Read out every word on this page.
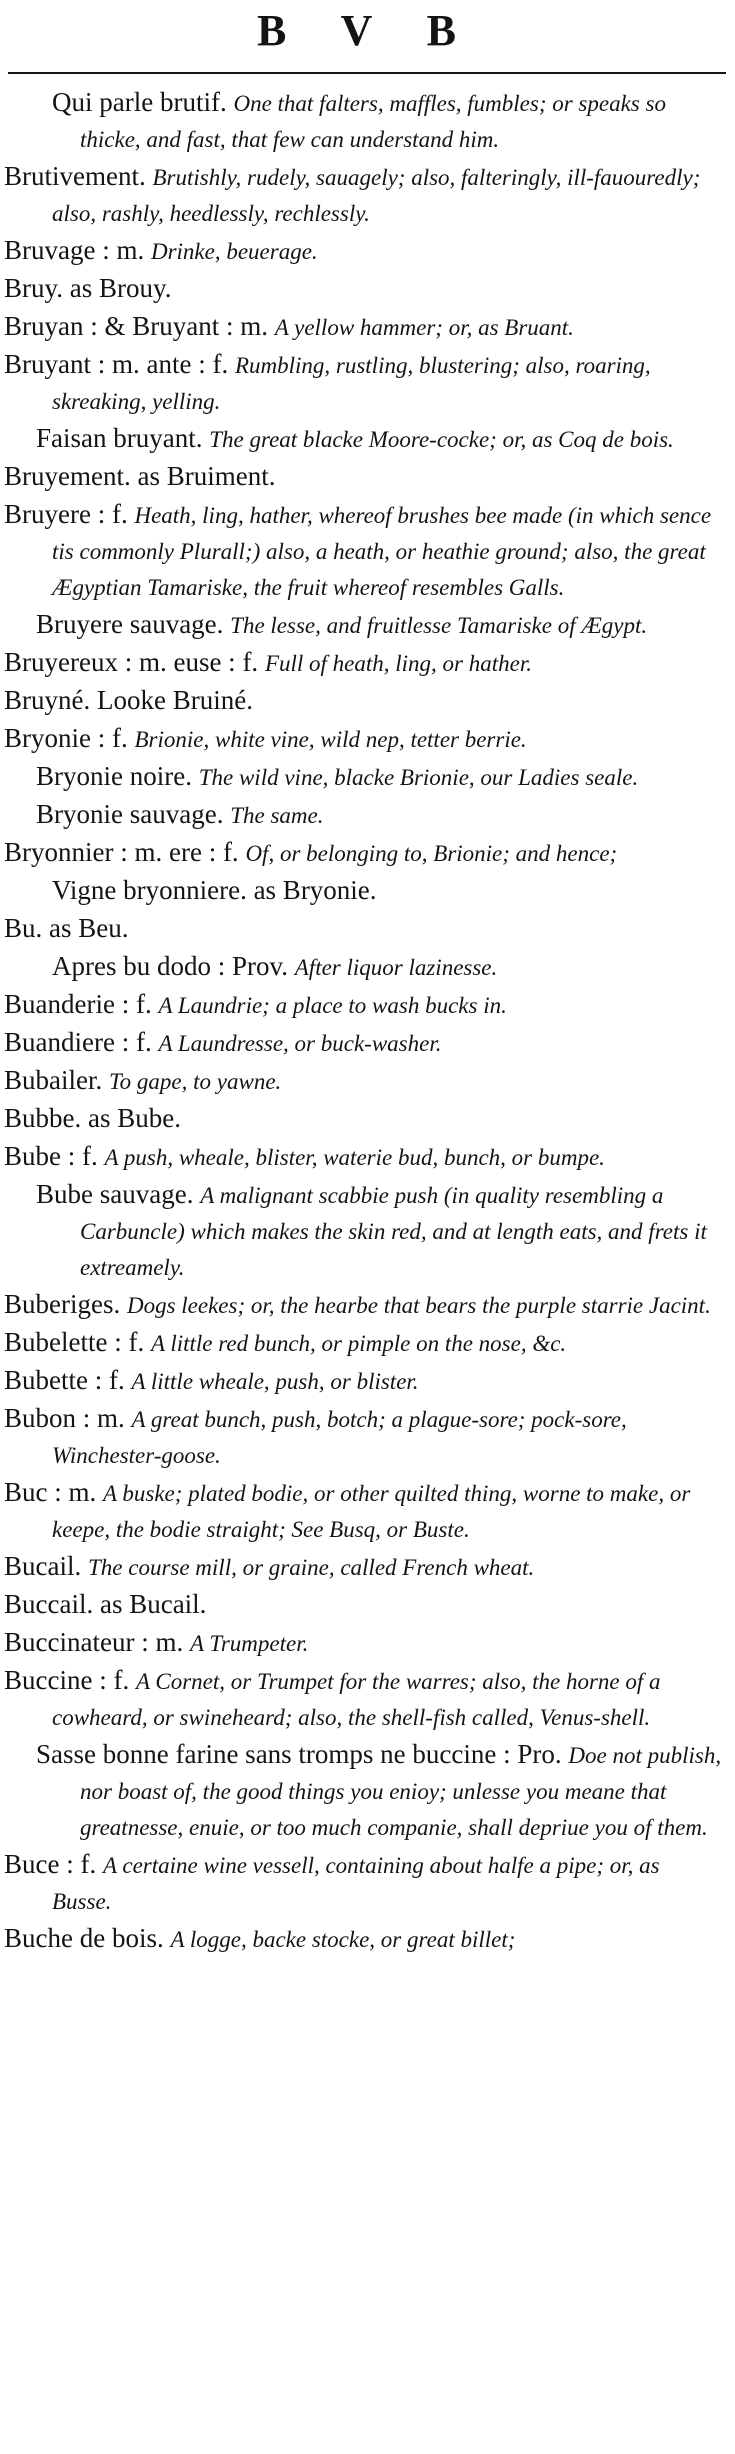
B V B
Qui parle brutif. One that falters, maffles, fumbles; or speaks so thicke, and fast, that few can understand him.
Brutivement. Brutishly, rudely, sauagely; also, falteringly, ill-fauouredly; also, rashly, heedlessly, rechlessly.
Bruvage : m. Drinke, beuerage.
Bruy. as Brouy.
Bruyan : & Bruyant : m. A yellow hammer; or, as Bruant.
Bruyant : m. ante : f. Rumbling, rustling, blustering; also, roaring, skreaking, yelling.
Faisan bruyant. The great blacke Moore-cocke; or, as Coq de bois.
Bruyement. as Bruiment.
Bruyere : f. Heath, ling, hather, whereof brushes bee made (in which sence tis commonly Plurall;) also, a heath, or heathie ground; also, the great Ægyptian Tamariske, the fruit whereof resembles Galls.
Bruyere sauvage. The lesse, and fruitlesse Tamariske of Ægypt.
Bruyereux : m. euse : f. Full of heath, ling, or hather.
Bruyné. Looke Bruiné.
Bryonie : f. Brionie, white vine, wild nep, tetter berrie.
Bryonie noire. The wild vine, blacke Brionie, our Ladies seale.
Bryonie sauvage. The same.
Bryonnier : m. ere : f. Of, or belonging to, Brionie; and hence;
Vigne bryonniere. as Bryonie.
Bu. as Beu.
Apres bu dodo : Prov. After liquor lazinesse.
Buanderie : f. A Laundrie; a place to wash bucks in.
Buandiere : f. A Laundresse, or buck-washer.
Bubailer. To gape, to yawne.
Bubbe. as Bube.
Bube : f. A push, wheale, blister, waterie bud, bunch, or bumpe.
Bube sauvage. A malignant scabbie push (in quality resembling a Carbuncle) which makes the skin red, and at length eats, and frets it extreamely.
Buberiges. Dogs leekes; or, the hearbe that bears the purple starrie Jacint.
Bubelette : f. A little red bunch, or pimple on the nose, &c.
Bubette : f. A little wheale, push, or blister.
Bubon : m. A great bunch, push, botch; a plague-sore; pock-sore, Winchester-goose.
Buc : m. A buske; plated bodie, or other quilted thing, worne to make, or keepe, the bodie straight; See Busq, or Buste.
Bucail. The course mill, or graine, called French wheat.
Buccail. as Bucail.
Buccinateur : m. A Trumpeter.
Buccine : f. A Cornet, or Trumpet for the warres; also, the horne of a cowheard, or swineheard; also, the shell-fish called, Venus-shell.
Sasse bonne farine sans tromps ne buccine : Pro. Doe not publish, nor boast of, the good things you enioy; unlesse you meane that greatnesse, enuie, or too much companie, shall depriue you of them.
Buce : f. A certaine wine vessell, containing about halfe a pipe; or, as Busse.
Buche de bois. A logge, backe stocke, or great billet;
